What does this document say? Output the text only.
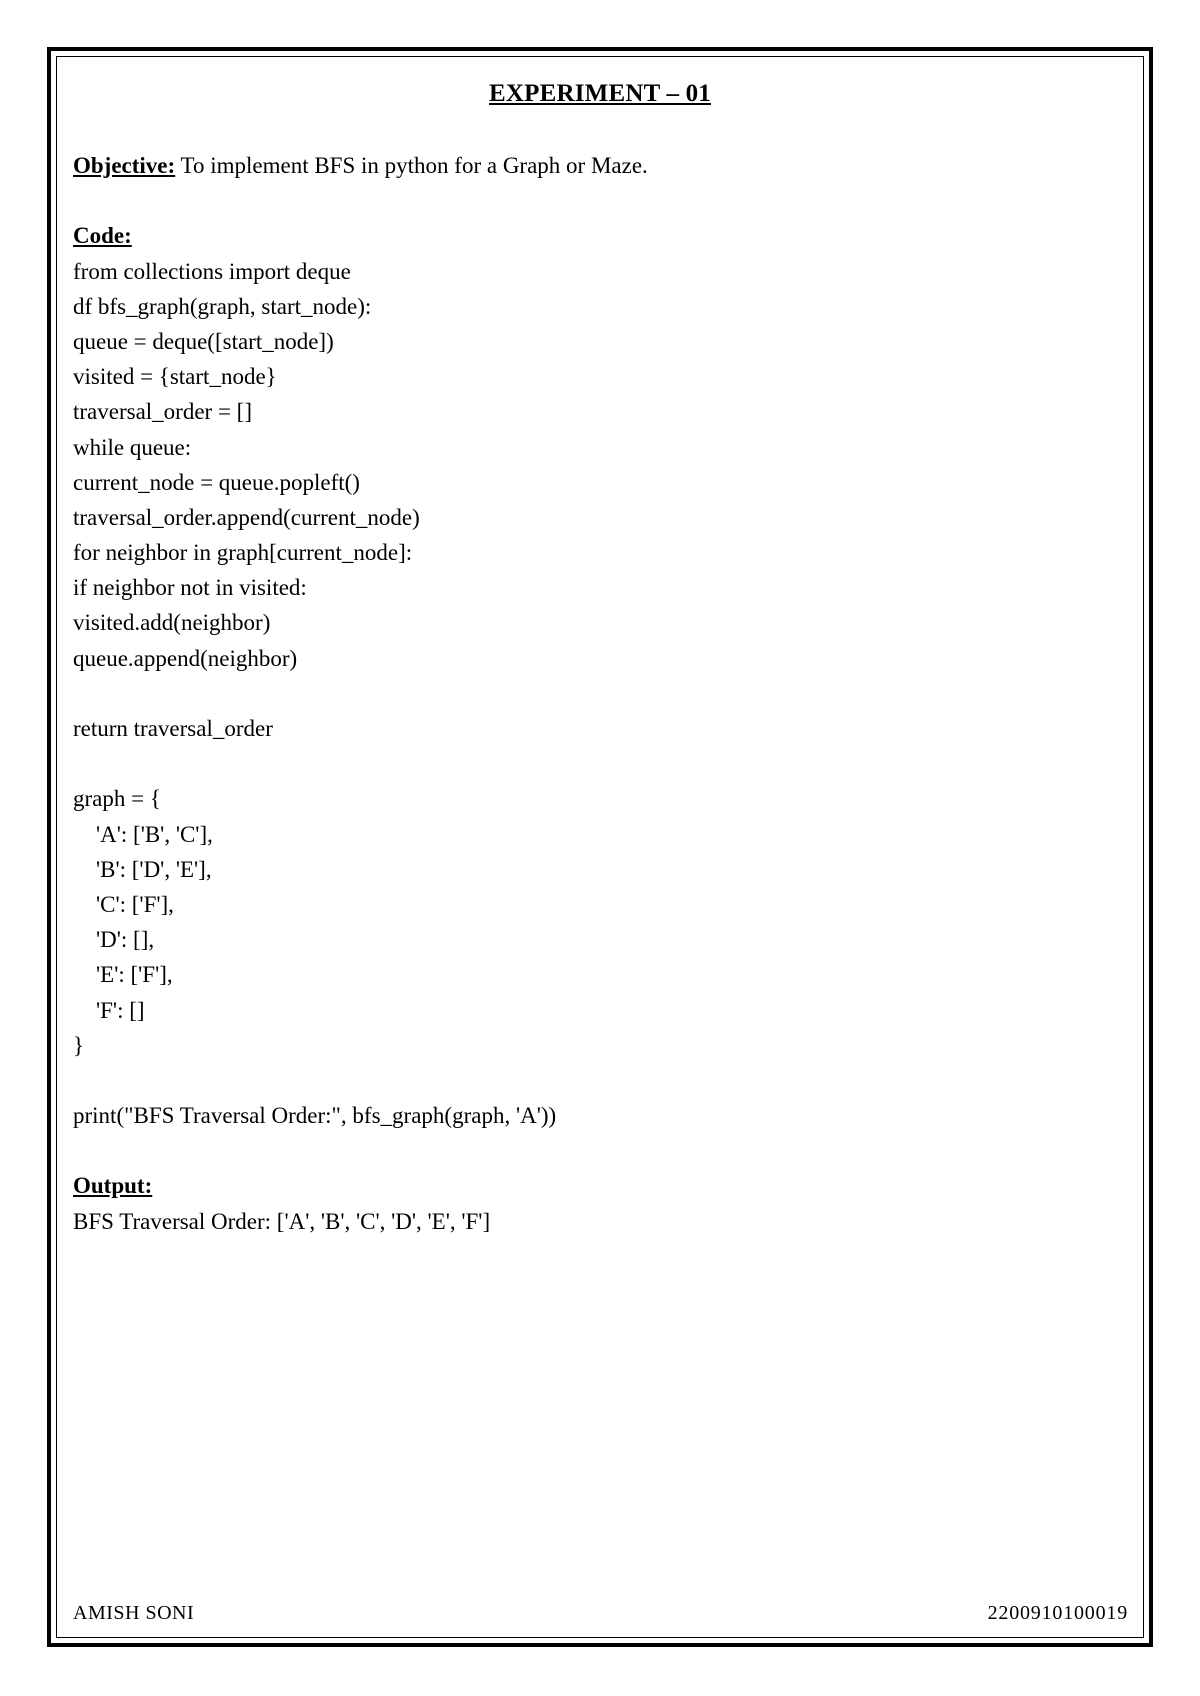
EXPERIMENT – 01
Objective: To implement BFS in python for a Graph or Maze.
Code:
from collections import deque
df bfs_graph(graph, start_node):
queue = deque([start_node])
visited = {start_node}
traversal_order = []
while queue:
current_node = queue.popleft()
traversal_order.append(current_node)
for neighbor in graph[current_node]:
if neighbor not in visited:
visited.add(neighbor)
queue.append(neighbor)
return traversal_order
graph = {
'A': ['B', 'C'],
'B': ['D', 'E'],
'C': ['F'],
'D': [],
'E': ['F'],
'F': []
}
print("BFS Traversal Order:", bfs_graph(graph, 'A'))
Output:
BFS Traversal Order: ['A', 'B', 'C', 'D', 'E', 'F']
AMISH SONI	2200910100019
